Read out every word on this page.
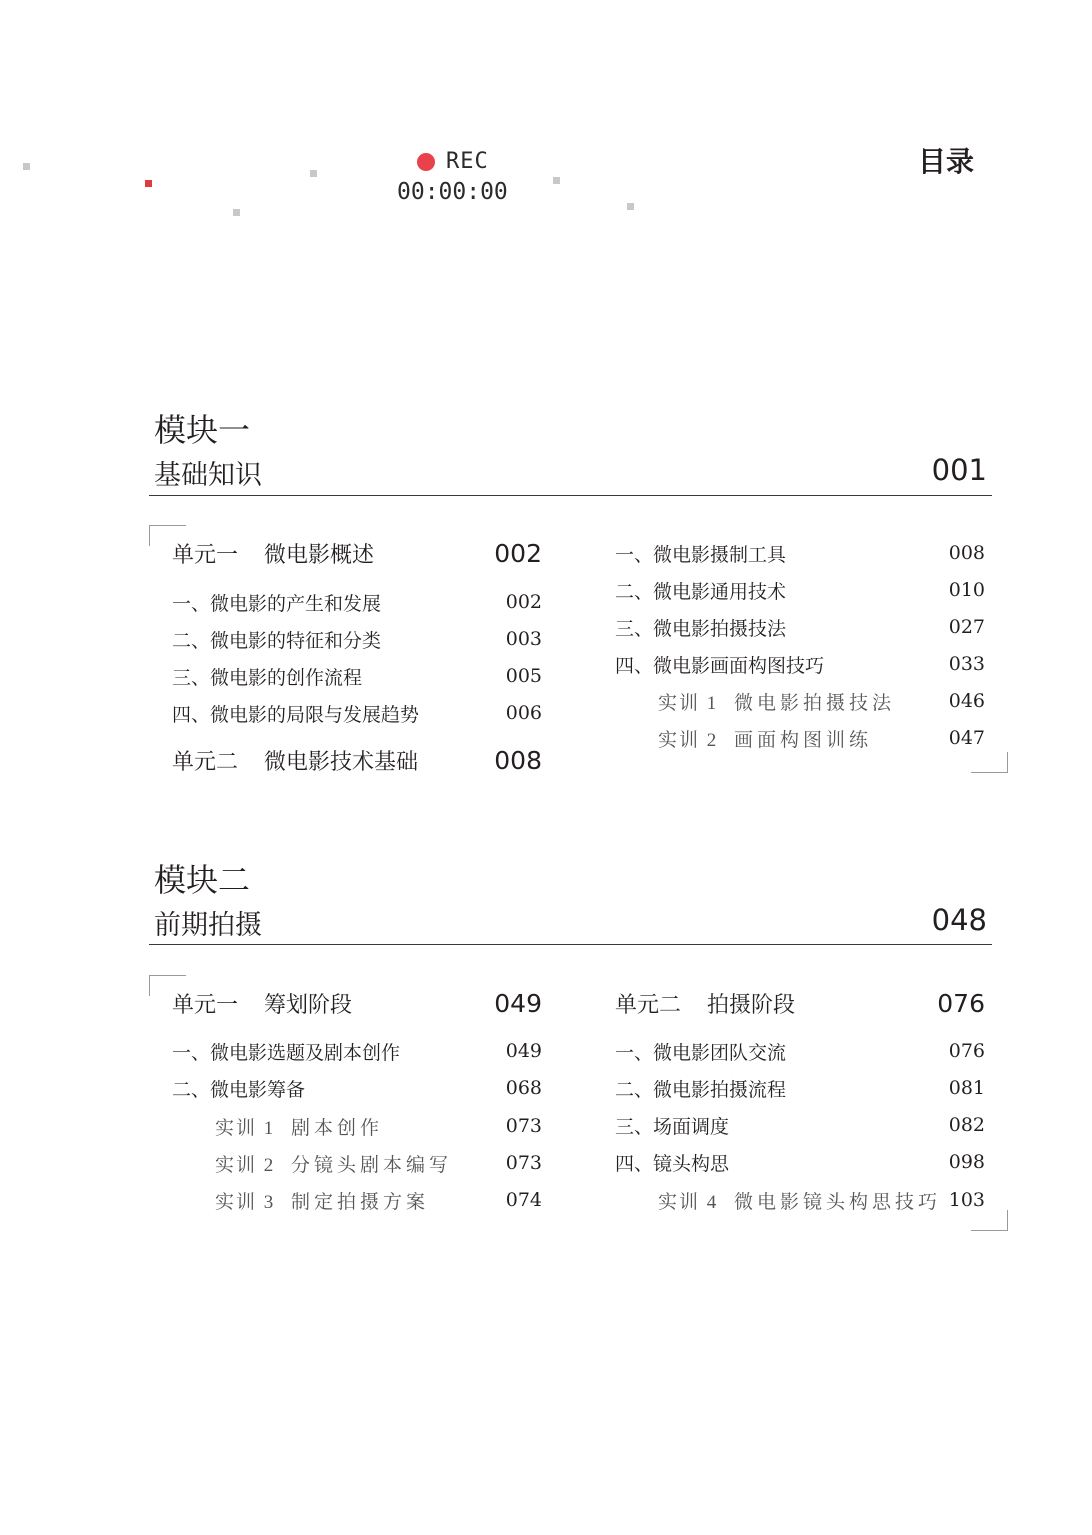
REC
00:00:00
目录
模块一
基础知识	001
单元一	微电影概述	002
一、微电影的产生和发展	002
二、微电影的特征和分类	003
三、微电影的创作流程	005
四、微电影的局限与发展趋势	006
单元二	微电影技术基础	008
一、微电影摄制工具	008
二、微电影通用技术	010
三、微电影拍摄技法	027
四、微电影画面构图技巧	033
实训 1 微电影拍摄技法	046
实训 2 画面构图训练	047
模块二
前期拍摄	048
单元一	筹划阶段	049
一、微电影选题及剧本创作	049
二、微电影筹备	068
实训 1 剧本创作	073
实训 2 分镜头剧本编写	073
实训 3 制定拍摄方案	074
单元二	拍摄阶段	076
一、微电影团队交流	076
二、微电影拍摄流程	081
三、场面调度	082
四、镜头构思	098
实训 4 微电影镜头构思技巧 103
